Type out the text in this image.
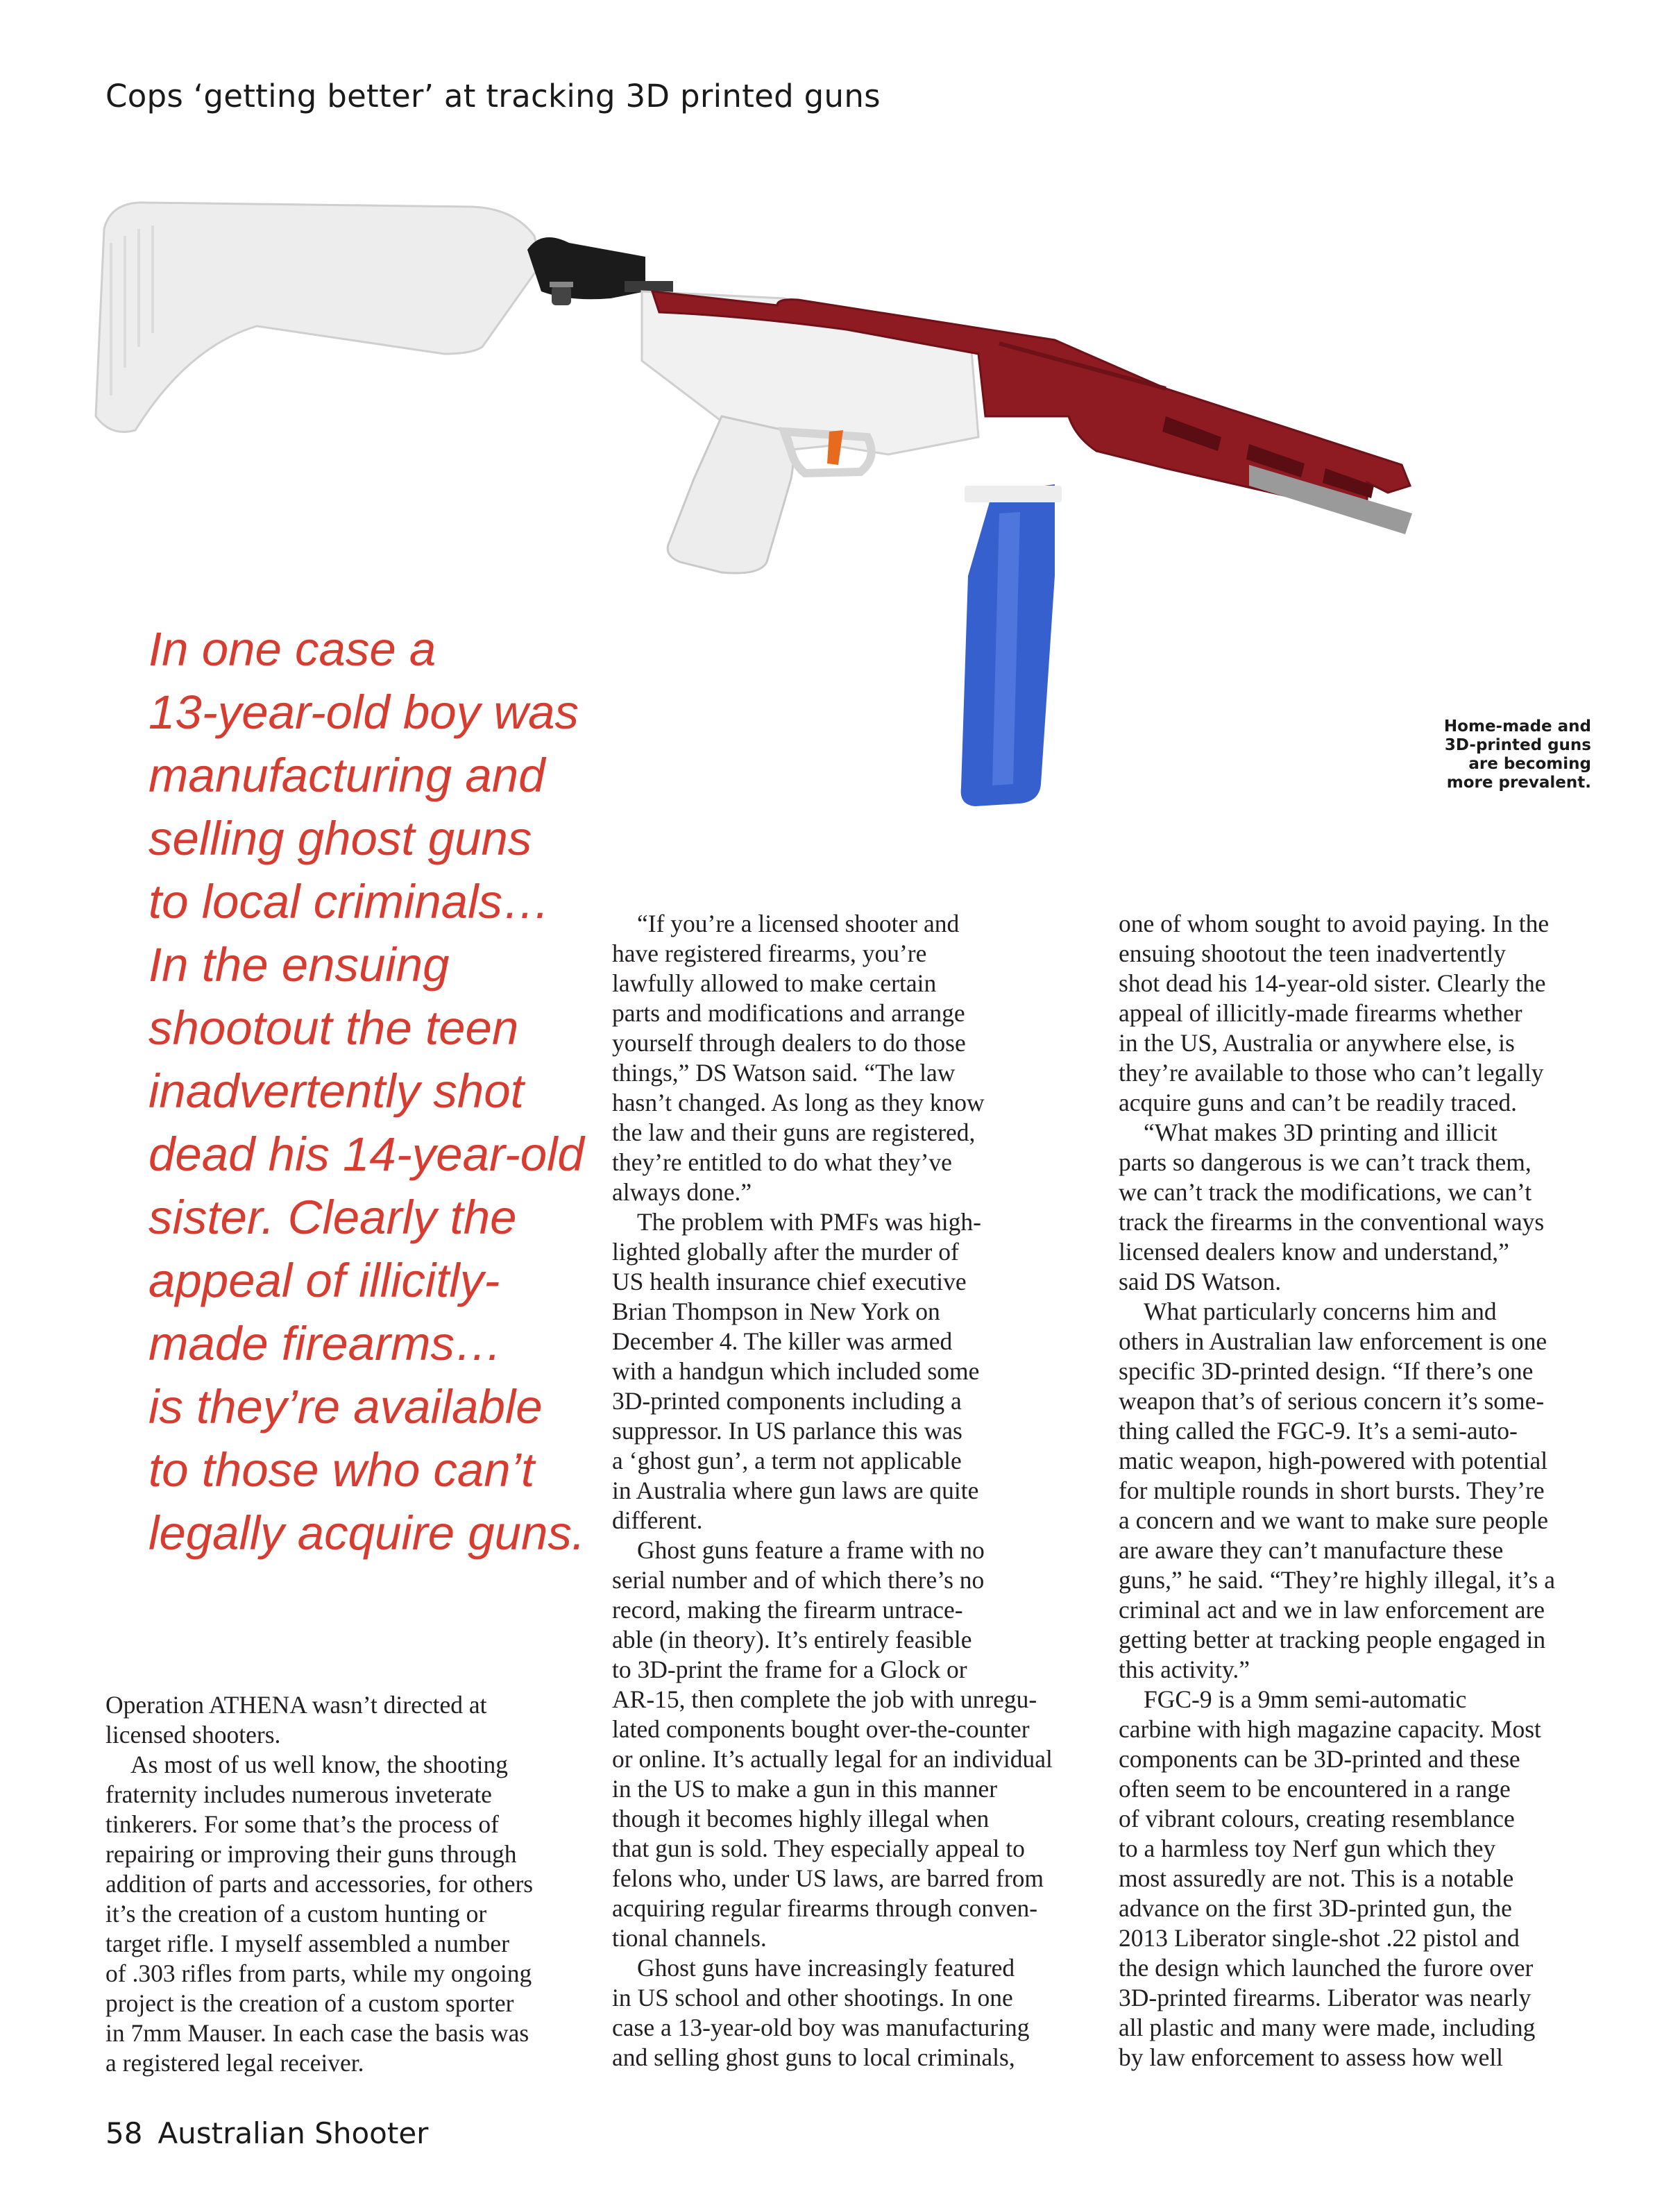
Cops ‘getting better’ at tracking 3D printed guns
Home-made and
3D-printed guns
are becoming
more prevalent.
In one case a
13-year-old boy was
manufacturing and
selling ghost guns
to local criminals…
In the ensuing
shootout the teen
inadvertently shot
dead his 14-year-old
sister. Clearly the
appeal of illicitly-
made firearms…
is they’re available
to those who can’t
legally acquire guns.
Operation ATHENA wasn’t directed at
licensed shooters.
As most of us well know, the shooting
fraternity includes numerous inveterate
tinkerers. For some that’s the process of
repairing or improving their guns through
addition of parts and accessories, for others
it’s the creation of a custom hunting or
target rifle. I myself assembled a number
of .303 rifles from parts, while my ongoing
project is the creation of a custom sporter
in 7mm Mauser. In each case the basis was
a registered legal receiver.
“If you’re a licensed shooter and
have registered firearms, you’re
lawfully allowed to make certain
parts and modifications and arrange
yourself through dealers to do those
things,” DS Watson said. “The law
hasn’t changed. As long as they know
the law and their guns are registered,
they’re entitled to do what they’ve
always done.”
The problem with PMFs was high-
lighted globally after the murder of
US health insurance chief executive
Brian Thompson in New York on
December 4. The killer was armed
with a handgun which included some
3D-printed components including a
suppressor. In US parlance this was
a ‘ghost gun’, a term not applicable
in Australia where gun laws are quite
different.
Ghost guns feature a frame with no
serial number and of which there’s no
record, making the firearm untrace-
able (in theory). It’s entirely feasible
to 3D-print the frame for a Glock or
AR-15, then complete the job with unregu-
lated components bought over-the-counter
or online. It’s actually legal for an individual
in the US to make a gun in this manner
though it becomes highly illegal when
that gun is sold. They especially appeal to
felons who, under US laws, are barred from
acquiring regular firearms through conven-
tional channels.
Ghost guns have increasingly featured
in US school and other shootings. In one
case a 13-year-old boy was manufacturing
and selling ghost guns to local criminals,
one of whom sought to avoid paying. In the
ensuing shootout the teen inadvertently
shot dead his 14-year-old sister. Clearly the
appeal of illicitly-made firearms whether
in the US, Australia or anywhere else, is
they’re available to those who can’t legally
acquire guns and can’t be readily traced.
“What makes 3D printing and illicit
parts so dangerous is we can’t track them,
we can’t track the modifications, we can’t
track the firearms in the conventional ways
licensed dealers know and understand,”
said DS Watson.
What particularly concerns him and
others in Australian law enforcement is one
specific 3D-printed design. “If there’s one
weapon that’s of serious concern it’s some-
thing called the FGC-9. It’s a semi-auto-
matic weapon, high-powered with potential
for multiple rounds in short bursts. They’re
a concern and we want to make sure people
are aware they can’t manufacture these
guns,” he said. “They’re highly illegal, it’s a
criminal act and we in law enforcement are
getting better at tracking people engaged in
this activity.”
FGC-9 is a 9mm semi-automatic
carbine with high magazine capacity. Most
components can be 3D-printed and these
often seem to be encountered in a range
of vibrant colours, creating resemblance
to a harmless toy Nerf gun which they
most assuredly are not. This is a notable
advance on the first 3D-printed gun, the
2013 Liberator single-shot .22 pistol and
the design which launched the furore over
3D-printed firearms. Liberator was nearly
all plastic and many were made, including
by law enforcement to assess how well
58 Australian Shooter
